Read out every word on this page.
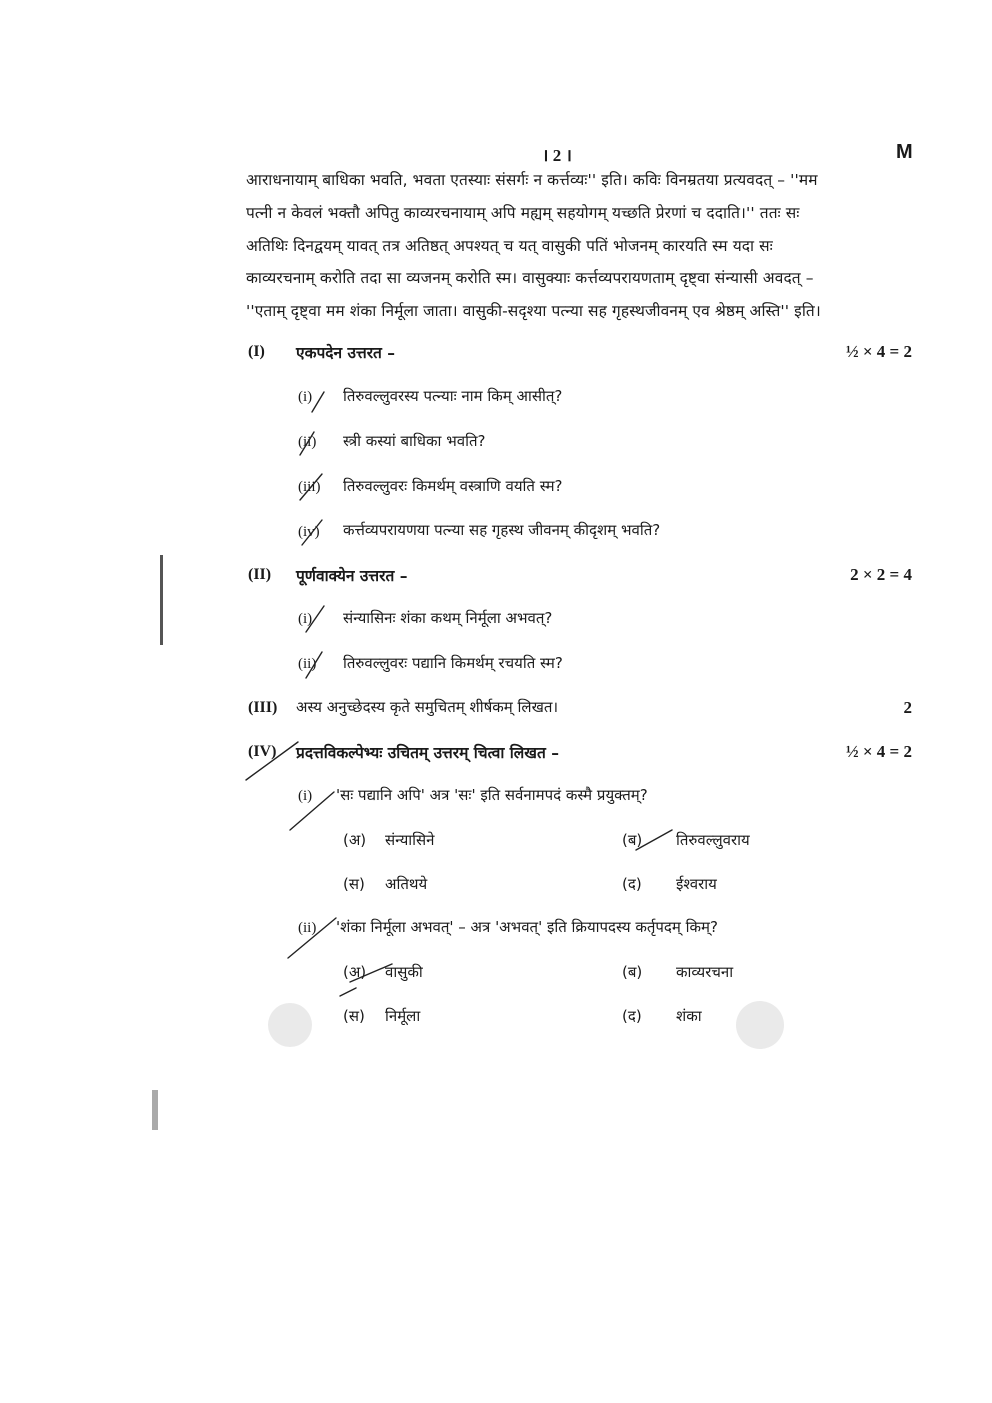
। 2 ।	M
आराधनायाम् बाधिका भवति, भवता एतस्याः संसर्गः न कर्त्तव्यः'' इति। कविः विनम्रतया प्रत्यवदत् – ''मम
पत्नी न केवलं भक्तौ अपितु काव्यरचनायाम् अपि मह्यम् सहयोगम् यच्छति प्रेरणां च ददाति।'' ततः सः
अतिथिः दिनद्वयम् यावत् तत्र अतिष्ठत् अपश्यत् च यत् वासुकी पतिं भोजनम् कारयति स्म यदा सः
काव्यरचनाम् करोति तदा सा व्यजनम् करोति स्म। वासुक्याः कर्त्तव्यपरायणताम् दृष्ट्वा संन्यासी अवदत् –
''एताम् दृष्ट्वा मम शंका निर्मूला जाता। वासुकी-सदृश्या पत्न्या सह गृहस्थजीवनम् एव श्रेष्ठम् अस्ति'' इति।
(I) एकपदेन उत्तरत –	½ × 4 = 2
(i) तिरुवल्लुवरस्य पत्न्याः नाम किम् आसीत्?
(ii) स्त्री कस्यां बाधिका भवति?
(iii) तिरुवल्लुवरः किमर्थम् वस्त्राणि वयति स्म?
(iv) कर्त्तव्यपरायणया पत्न्या सह गृहस्थ जीवनम् कीदृशम् भवति?
(II) पूर्णवाक्येन उत्तरत –	2 × 2 = 4
(i) संन्यासिनः शंका कथम् निर्मूला अभवत्?
(ii) तिरुवल्लुवरः पद्यानि किमर्थम् रचयति स्म?
(III) अस्य अनुच्छेदस्य कृते समुचितम् शीर्षकम् लिखत।	2
(IV) प्रदत्तविकल्पेभ्यः उचितम् उत्तरम् चित्वा लिखत –	½ × 4 = 2
(i) 'सः पद्यानि अपि' अत्र 'सः' इति सर्वनामपदं कस्मै प्रयुक्तम्?
(अ) संन्यासिने	(ब) तिरुवल्लुवराय
(स) अतिथये	(द) ईश्वराय
(ii) 'शंका निर्मूला अभवत्' – अत्र 'अभवत्' इति क्रियापदस्य कर्तृपदम् किम्?
(अ) वासुकी	(ब) काव्यरचना
(स) निर्मूला	(द) शंका
